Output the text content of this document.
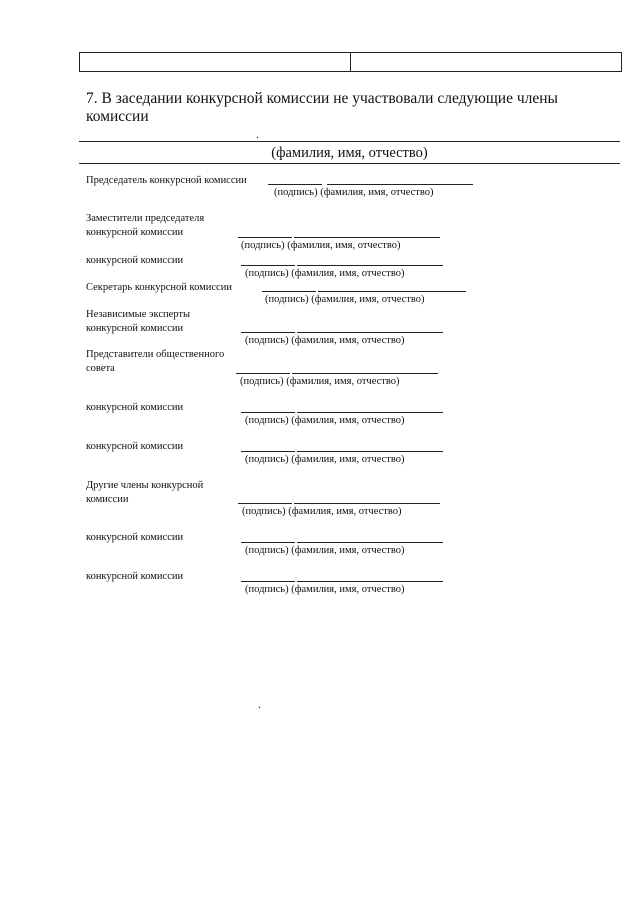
7. В заседании конкурсной комиссии не участвовали следующие члены комиссии
.
(фамилия, имя, отчество)
Председатель конкурсной комиссии
(подпись) (фамилия, имя, отчество)
Заместители председателя конкурсной комиссии
(подпись) (фамилия, имя, отчество)
конкурсной комиссии
(подпись) (фамилия, имя, отчество)
Секретарь конкурсной комиссии
(подпись) (фамилия, имя, отчество)
Независимые эксперты конкурсной комиссии
(подпись) (фамилия, имя, отчество)
Представители общественного совета
(подпись) (фамилия, имя, отчество)
конкурсной комиссии
(подпись) (фамилия, имя, отчество)
конкурсной комиссии
(подпись) (фамилия, имя, отчество)
Другие члены конкурсной комиссии
(подпись) (фамилия, имя, отчество)
конкурсной комиссии
(подпись) (фамилия, имя, отчество)
конкурсной комиссии
(подпись) (фамилия, имя, отчество)
.
